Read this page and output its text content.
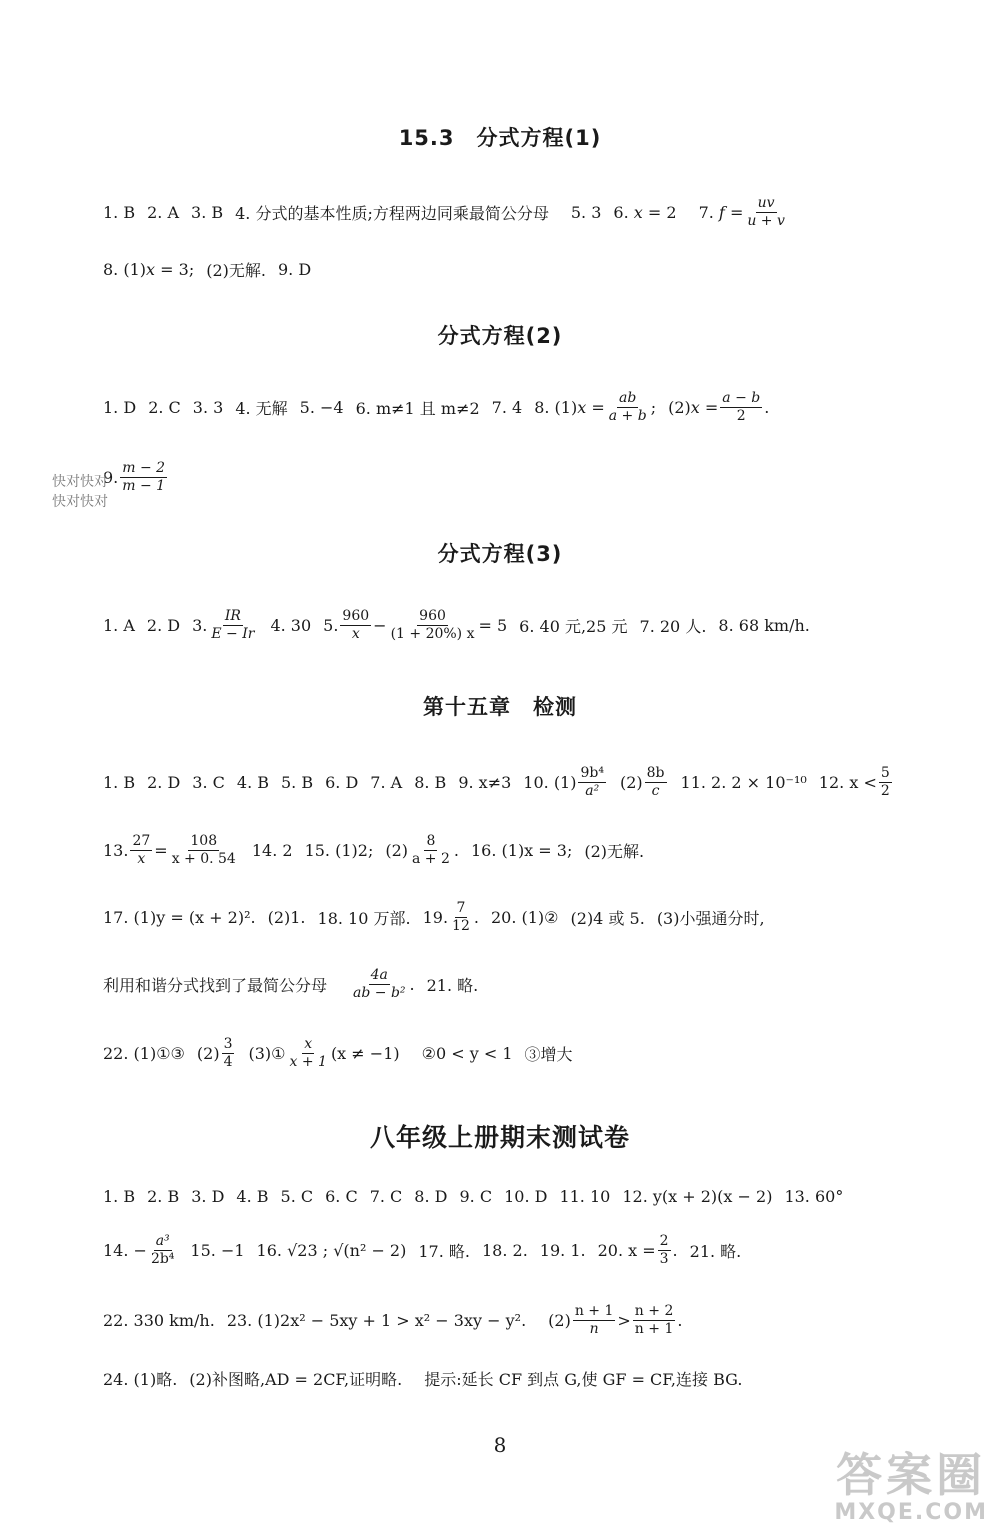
15.3　分式方程(1)
1. B 2. A 3. B 4. 分式的基本性质;方程两边同乘最简公分母 5. 3 6.
x
= 2 7.
f
= $\frac{uv}{u + v}$
8. (1) x
= 3; (2)无解. 9. D
分式方程(2)
1. D 2. C 3. 3 4. 无解 5. −4 6. m≠1 且 m≠2 7. 4 8. (1) x
= $\frac{ab}{a + b}$ ; (2) x
= $\frac{a - b}{2}$ .
9. m − 2
m − 1
快对快对
快对快对
分式方程(3)
1. A 2. D 3. IR
E − Ir 4. 30 5. 960
$x - \frac{960}{(1 + 20\%) x} = 5$ 6. 40 元,25 元 7. 20 人. 8. 68 km/h.
第十五章　检测
1. B 2. D 3. C 4. B 5. B 6. D 7. A 8. B 9. x≠3 10. (1) 9b⁴
a² (2) 8b
c 11. 2. 2 × 10⁻¹⁰ 12. x < 5
2
13. $\frac{27}{x} = \frac{108}{x + 0. 54} 14$. 2 15. (1)2; (2) 8
a + 2 . 16. (1)x = 3; (2)无解.
17. (1)y = (x + 2)². (2)1. 18. 10 万部. 19. 7
12 . 20. (1)② (2)4 或 5. (3)小强通分时,
利用和谐分式找到了最简公分母
4a
ab − b² . 21. 略.
22. (1)①③ (2) 3
4 (3)① x
x + 1 (x ≠ −1) ②0 < y < 1 ③增大
八年级上册期末测试卷
1. B 2. B 3. D 4. B 5. C 6. C 7. C 8. D 9. C 10. D 11. 10 12. y(x + 2)(x − 2) 13. 60°
14. − $\frac{\text{a³}}{\text{2b⁴}} 15$. −1 16. √23 ; √(n² − 2) 17. 略. 18. 2. 19. 1. 20. $x = \frac{2}{3}$ . 21. 略.
22. 330 km/h. 23. (1)2x² − 5xy + 1 > x² − 3xy − y². (2) n + 1
n > n + 2
n + 1 .
24. (1)略. (2)补图略,AD = 2CF,证明略. 提示:延长 CF 到点 G,使 GF = CF,连接 BG.
8
答案圈
MXQE.COM
